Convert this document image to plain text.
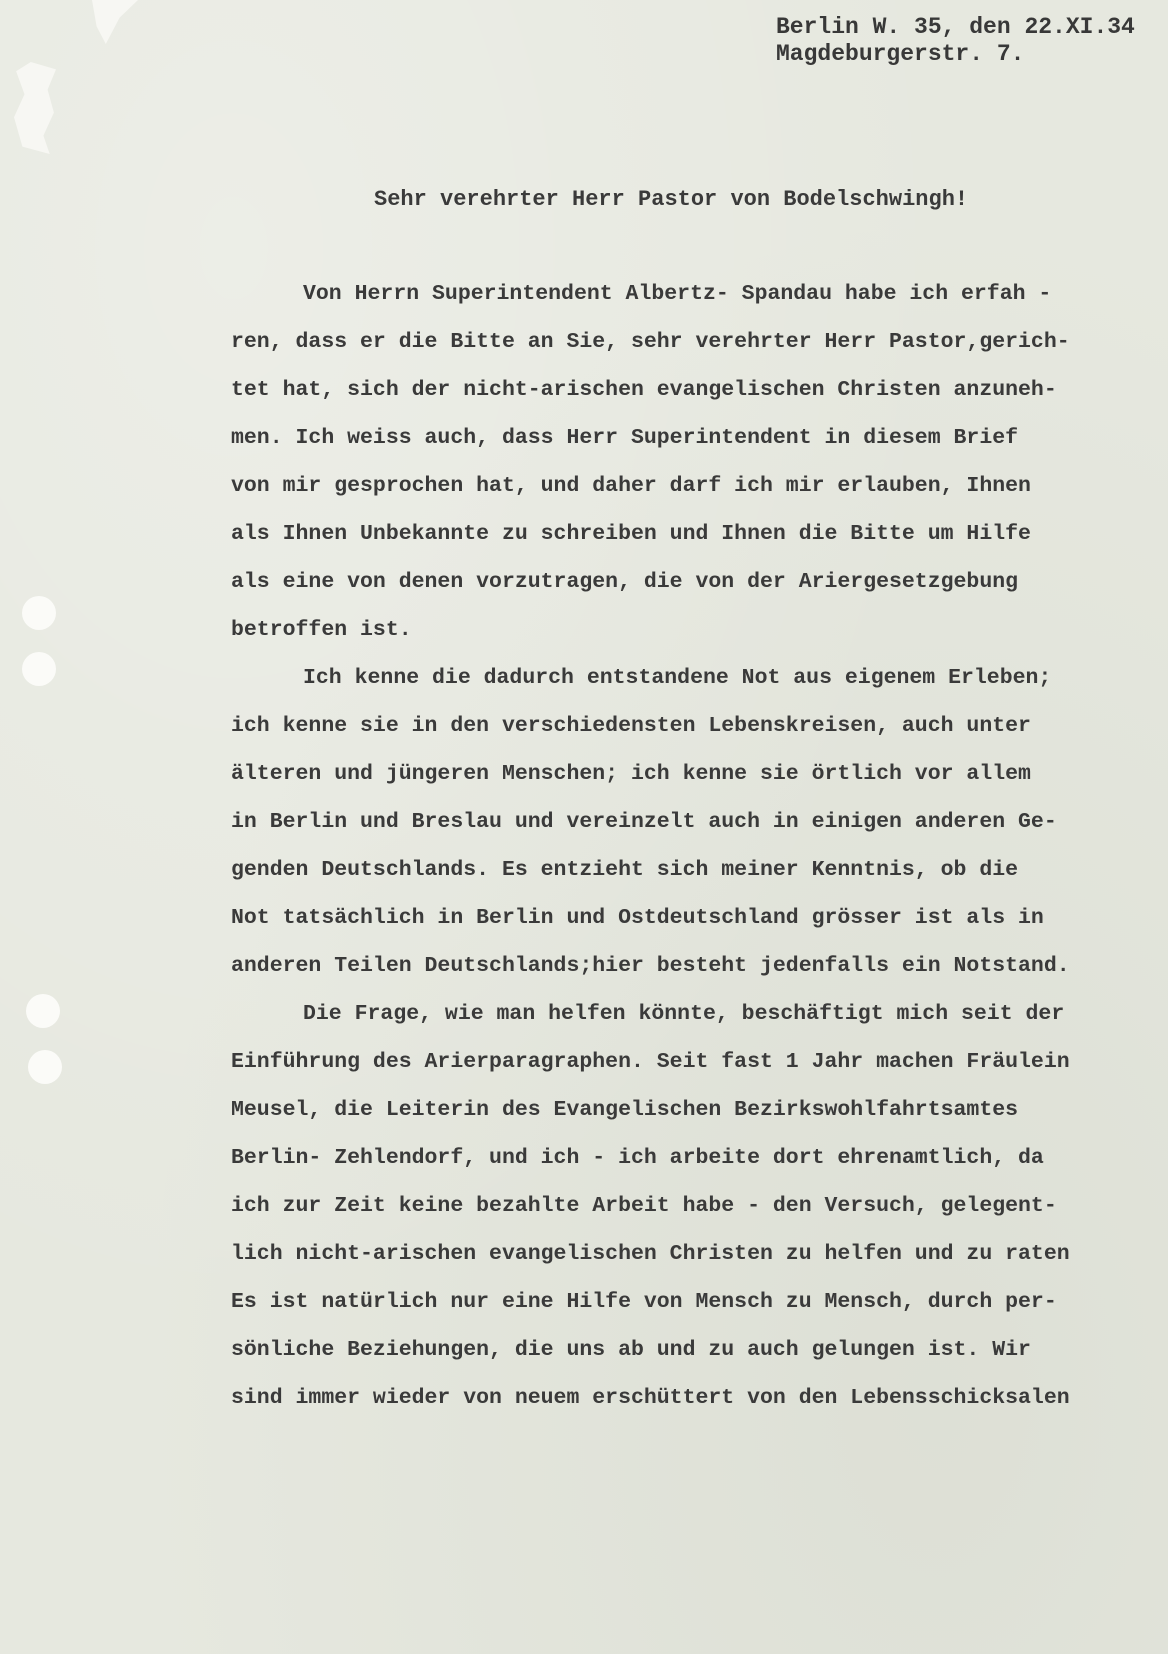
Berlin W. 35, den 22.XI.34
Magdeburgerstr. 7.
Sehr verehrter Herr Pastor von Bodelschwingh!
Von Herrn Superintendent Albertz- Spandau habe ich erfah -
ren, dass er die Bitte an Sie, sehr verehrter Herr Pastor,gerich-
tet hat, sich der nicht-arischen evangelischen Christen anzuneh-
men. Ich weiss auch, dass Herr Superintendent in diesem Brief
von mir gesprochen hat, und daher darf ich mir erlauben, Ihnen
als Ihnen Unbekannte zu schreiben und Ihnen die Bitte um Hilfe
als eine von denen vorzutragen, die von der Ariergesetzgebung
betroffen ist.
Ich kenne die dadurch entstandene Not aus eigenem Erleben;
ich kenne sie in den verschiedensten Lebenskreisen, auch unter
älteren und jüngeren Menschen; ich kenne sie örtlich vor allem
in Berlin und Breslau und vereinzelt auch in einigen anderen Ge-
genden Deutschlands. Es entzieht sich meiner Kenntnis, ob die
Not tatsächlich in Berlin und Ostdeutschland grösser ist als in
anderen Teilen Deutschlands;hier besteht jedenfalls ein Notstand.
Die Frage, wie man helfen könnte, beschäftigt mich seit der
Einführung des Arierparagraphen. Seit fast 1 Jahr machen Fräulein
Meusel, die Leiterin des Evangelischen Bezirkswohlfahrtsamtes
Berlin- Zehlendorf, und ich - ich arbeite dort ehrenamtlich, da
ich zur Zeit keine bezahlte Arbeit habe - den Versuch, gelegent-
lich nicht-arischen evangelischen Christen zu helfen und zu raten
Es ist natürlich nur eine Hilfe von Mensch zu Mensch, durch per-
sönliche Beziehungen, die uns ab und zu auch gelungen ist. Wir
sind immer wieder von neuem erschüttert von den Lebensschicksalen
